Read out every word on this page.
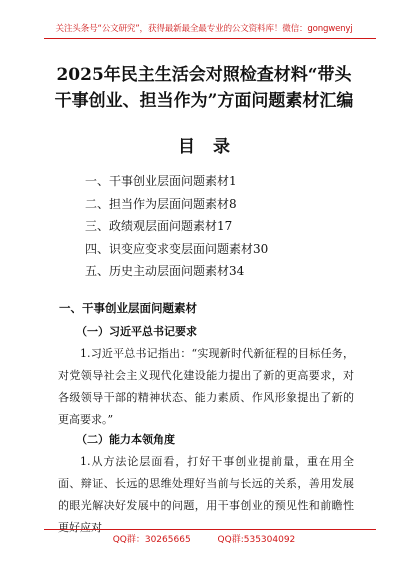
关注头条号“公文研究”，获得最新最全最专业的公文资料库！微信：gongwenyj
2025年民主生活会对照检查材料“带头
干事创业、担当作为”方面问题素材汇编
目录
一、干事创业层面问题素材1
二、担当作为层面问题素材8
三、政绩观层面问题素材17
四、识变应变求变层面问题素材30
五、历史主动层面问题素材34
一、干事创业层面问题素材
（一）习近平总书记要求

1.习近平总书记指出：“实现新时代新征程的目标任务，对党领导社会主义现代化建设能力提出了新的更高要求，对各级领导干部的精神状态、能力素质、作风形象提出了新的更高要求。”

（二）能力本领角度

1.从方法论层面看，打好干事创业提前量，重在用全面、辩证、长远的思维处理好当前与长远的关系，善用发展的眼光解决好发展中的问题，用干事创业的预见性和前瞻性更好应对

QQ群：30265665	QQ群:535304092
